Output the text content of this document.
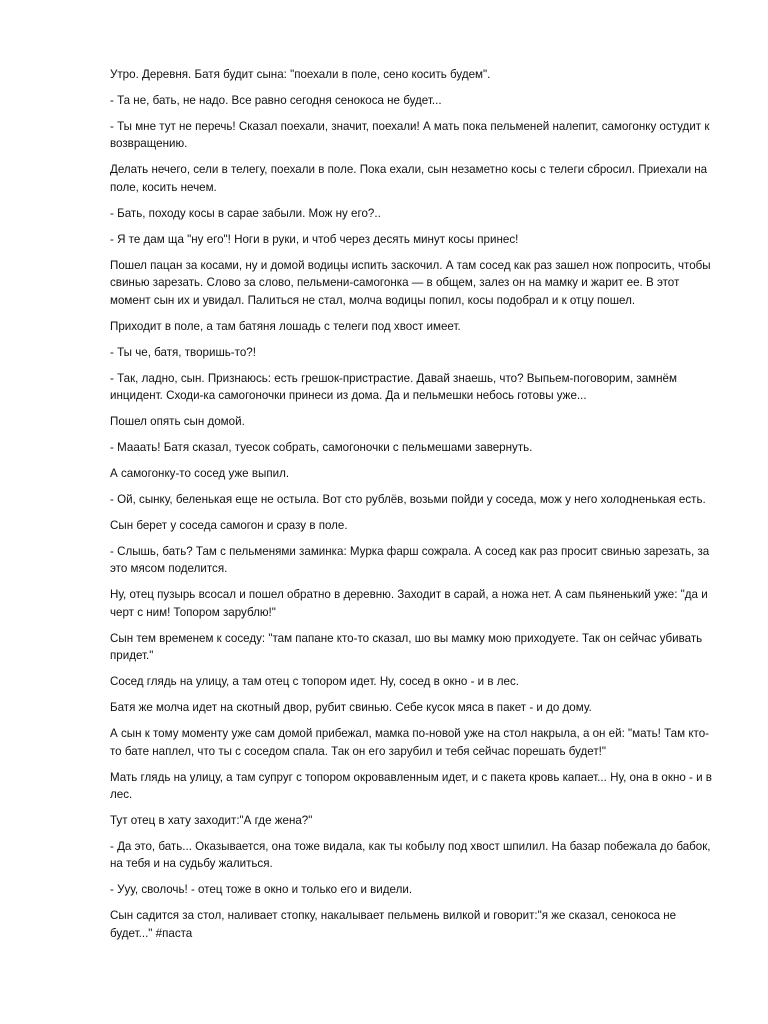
Утро. Деревня. Батя будит сына: "поехали в поле, сено косить будем".

- Та не, бать, не надо. Все равно сегодня сенокоса не будет...

- Ты мне тут не перечь! Сказал поехали, значит, поехали! А мать пока пельменей налепит, самогонку остудит к возвращению.

Делать нечего, сели в телегу, поехали в поле. Пока ехали, сын незаметно косы с телеги сбросил. Приехали на поле, косить нечем.

- Бать, походу косы в сарае забыли. Мож ну его?..

- Я те дам ща "ну его"! Ноги в руки, и чтоб через десять минут косы принес!

Пошел пацан за косами, ну и домой водицы испить заскочил. А там сосед как раз зашел нож попросить, чтобы свинью зарезать. Слово за слово, пельмени-самогонка — в общем, залез он на мамку и жарит ее. В этот момент сын их и увидал. Палиться не стал, молча водицы попил, косы подобрал и к отцу пошел.

Приходит в поле, а там батяня лошадь с телеги под хвост имеет.

- Ты че, батя, творишь-то?!

- Так, ладно, сын. Признаюсь: есть грешок-пристрастие. Давай знаешь, что? Выпьем-поговорим, замнём инцидент. Сходи-ка самогоночки принеси из дома. Да и пельмешки небось готовы уже...

Пошел опять сын домой.

- Мааать! Батя сказал, туесок собрать, самогоночки с пельмешами завернуть.

А самогонку-то сосед уже выпил.

- Ой, сынку, беленькая еще не остыла. Вот сто рублёв, возьми пойди у соседа, мож у него холодненькая есть.

Сын берет у соседа самогон и сразу в поле.

- Слышь, бать? Там с пельменями заминка: Мурка фарш сожрала. А сосед как раз просит свинью зарезать, за это мясом поделится.

Ну, отец пузырь всосал и пошел обратно в деревню. Заходит в сарай, а ножа нет. А сам пьяненький уже: "да и черт с ним! Топором зарублю!"

Сын тем временем к соседу: "там папане кто-то сказал, шо вы мамку мою приходуете. Так он сейчас убивать придет."

Сосед глядь на улицу, а там отец с топором идет. Ну, сосед в окно - и в лес.

Батя же молча идет на скотный двор, рубит свинью. Себе кусок мяса в пакет - и до дому.

А сын к тому моменту уже сам домой прибежал, мамка по-новой уже на стол накрыла, а он ей: "мать! Там кто-то бате наплел, что ты с соседом спала. Так он его зарубил и тебя сейчас порешать будет!"

Мать глядь на улицу, а там супруг с топором окровавленным идет, и с пакета кровь капает... Ну, она в окно - и в лес.

Тут отец в хату заходит:"А где жена?"

- Да это, бать... Оказывается, она тоже видала, как ты кобылу под хвост шпилил. На базар побежала до бабок, на тебя и на судьбу жалиться.

- Ууу, сволочь! - отец тоже в окно и только его и видели.

Сын садится за стол, наливает стопку, накалывает пельмень вилкой и говорит:"я же сказал, сенокоса не будет..." #паста
